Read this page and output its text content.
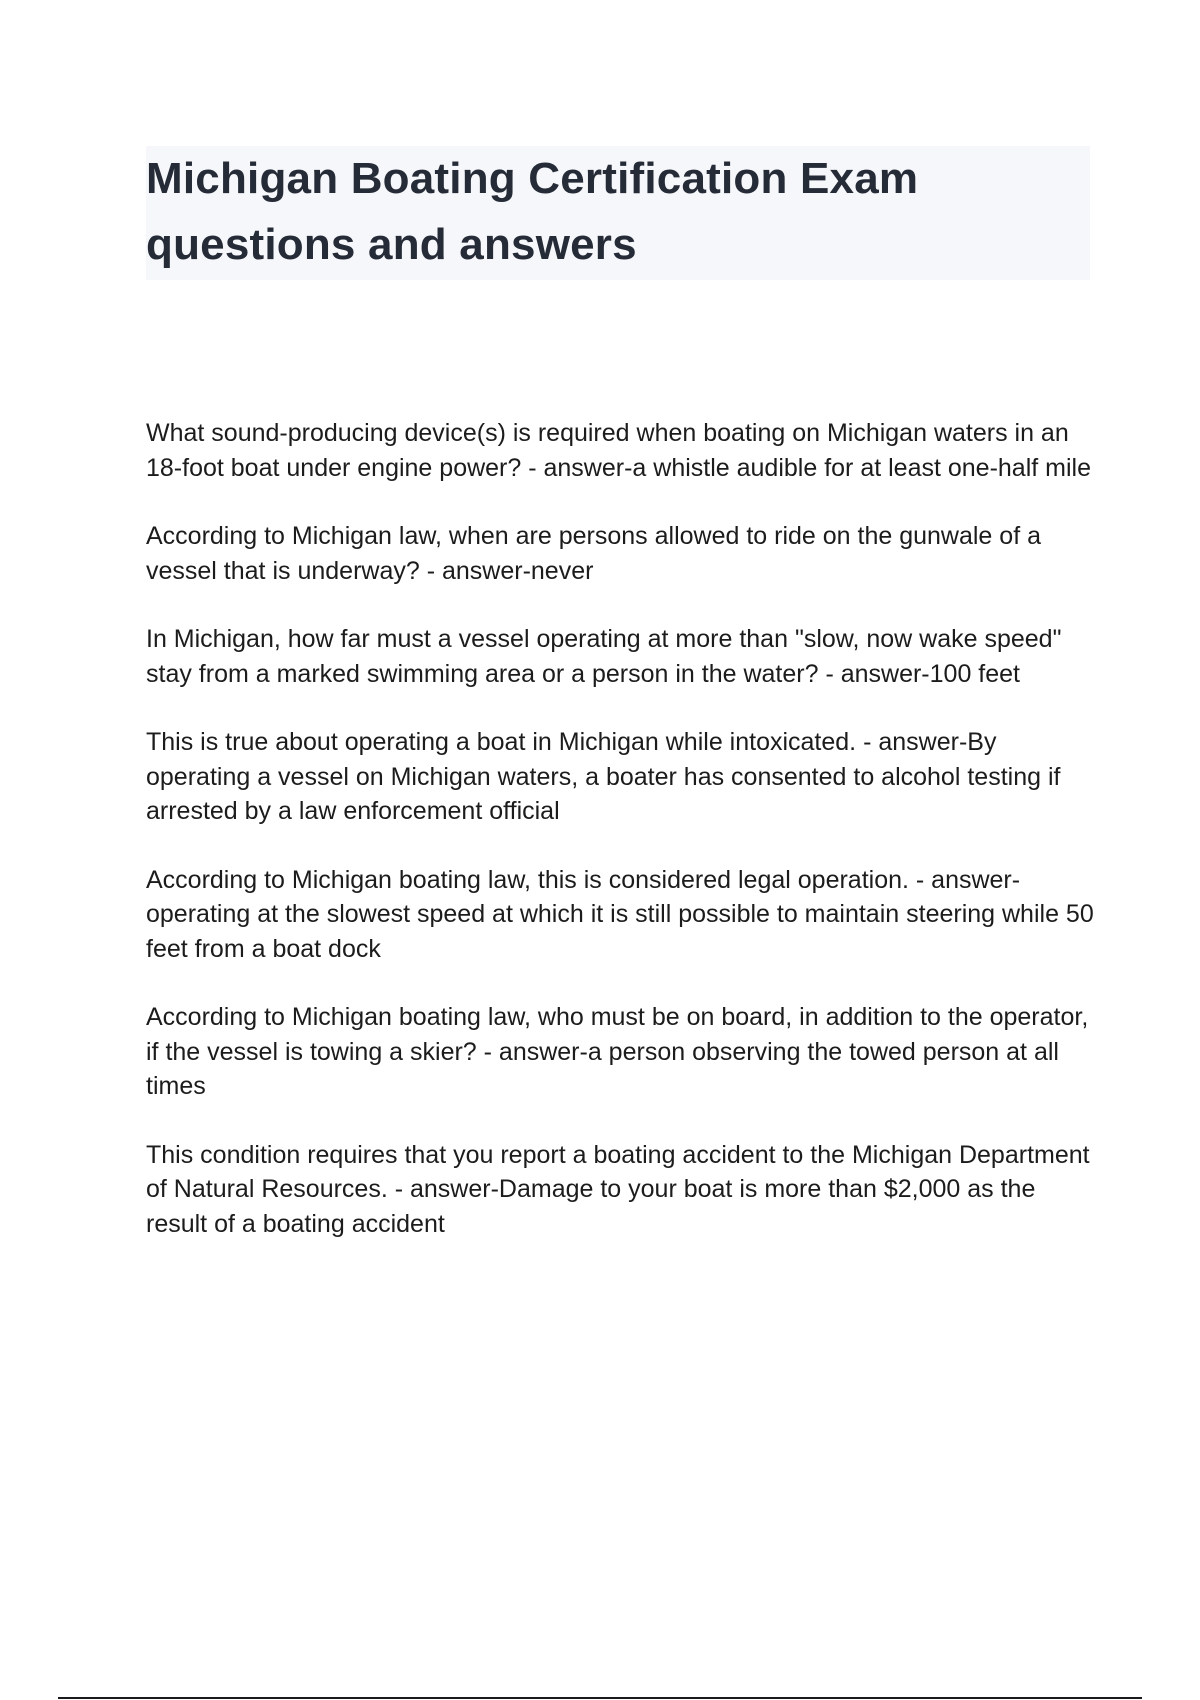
Michigan Boating Certification Exam questions and answers

What sound-producing device(s) is required when boating on Michigan waters in an 18-foot boat under engine power? - answer-a whistle audible for at least one-half mile

According to Michigan law, when are persons allowed to ride on the gunwale of a vessel that is underway? - answer-never

In Michigan, how far must a vessel operating at more than "slow, now wake speed" stay from a marked swimming area or a person in the water? - answer-100 feet

This is true about operating a boat in Michigan while intoxicated. - answer-By operating a vessel on Michigan waters, a boater has consented to alcohol testing if arrested by a law enforcement official

According to Michigan boating law, this is considered legal operation. - answer-operating at the slowest speed at which it is still possible to maintain steering while 50 feet from a boat dock

According to Michigan boating law, who must be on board, in addition to the operator, if the vessel is towing a skier? - answer-a person observing the towed person at all times

This condition requires that you report a boating accident to the Michigan Department of Natural Resources. - answer-Damage to your boat is more than $2,000 as the result of a boating accident
